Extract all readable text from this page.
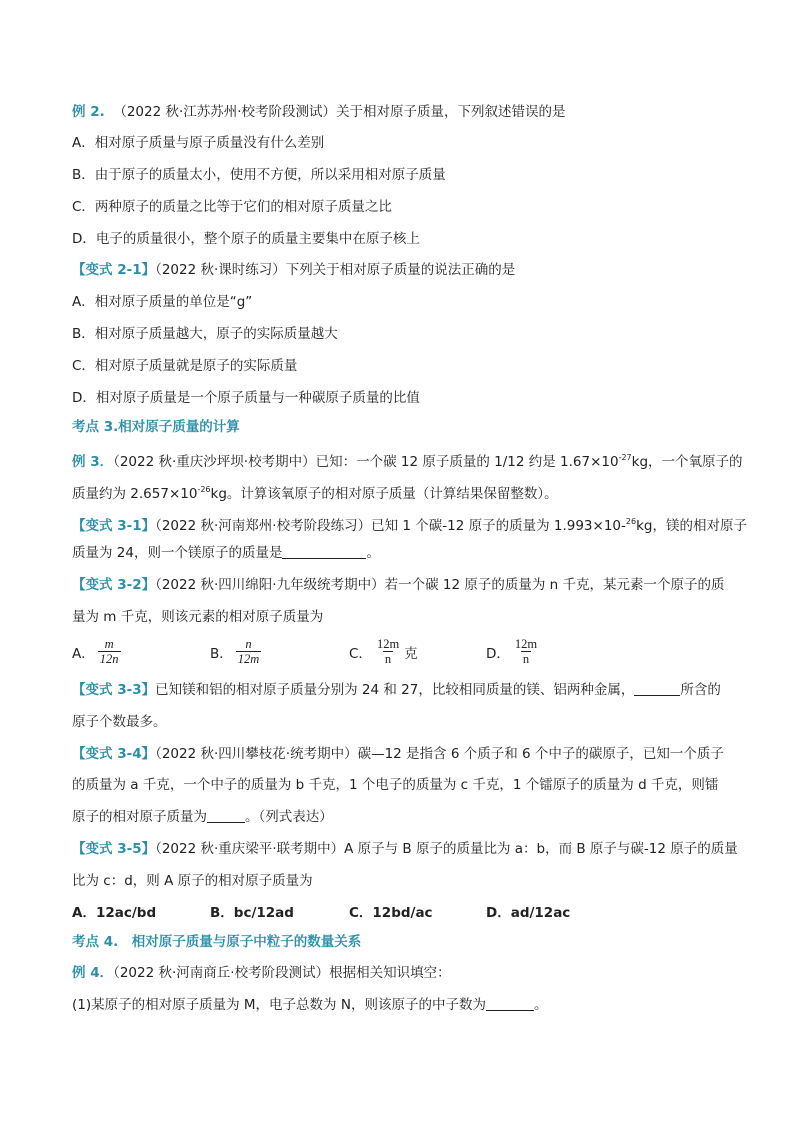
例 2. （2022 秋·江苏苏州·校考阶段测试）关于相对原子质量，下列叙述错误的是
A．相对原子质量与原子质量没有什么差别
B．由于原子的质量太小，使用不方便，所以采用相对原子质量
C．两种原子的质量之比等于它们的相对原子质量之比
D．电子的质量很小，整个原子的质量主要集中在原子核上
【变式 2-1】（2022 秋·课时练习）下列关于相对原子质量的说法正确的是
A．相对原子质量的单位是“g”
B．相对原子质量越大，原子的实际质量越大
C．相对原子质量就是原子的实际质量
D．相对原子质量是一个原子质量与一种碳原子质量的比值
考点 3.相对原子质量的计算
例 3．（2022 秋·重庆沙坪坝·校考期中）已知：一个碳 12 原子质量的 1/12 约是 $1.67\times 10^{-27}kg$，一个氧原子的
质量约为 $2.657\times 10^{-26}kg$。计算该氧原子的相对原子质量（计算结果保留整数）。
【变式 3-1】（2022 秋·河南郑州·校考阶段练习）已知 1 个碳-12 原子的质量为 1.993×10-$^{26}$kg，镁的相对原子
质量为 24，则一个镁原子的质量是	。
【变式 3-2】（2022 秋·四川绵阳·九年级统考期中）若一个碳 12 原子的质量为 n 千克，某元素一个原子的质
量为 m 千克，则该元素的相对原子质量为
A． $\frac{m}{12n}$	B． $\frac{n}{12m}$	C． $\frac{12m}{n}$ 克	D． $\frac{12m}{n}$
【变式 3-3】已知镁和铝的相对原子质量分别为 24 和 27，比较相同质量的镁、铝两种金属，	所含的
原子个数最多。
【变式 3-4】（2022 秋·四川攀枝花·统考期中）碳—12 是指含 6 个质子和 6 个中子的碳原子，已知一个质子
的质量为 a 千克，一个中子的质量为 b 千克，1 个电子的质量为 c 千克，1 个镭原子的质量为 d 千克，则镭
原子的相对原子质量为	。（列式表达）
【变式 3-5】（2022 秋·重庆梁平·联考期中）A 原子与 B 原子的质量比为 a：b，而 B 原子与碳-12 原子的质量
比为 c：d，则 A 原子的相对原子质量为
A．12ac/bd	B．bc/12ad	C．12bd/ac	D．ad/12ac
考点 4.　相对原子质量与原子中粒子的数量关系
例 4．（2022 秋·河南商丘·校考阶段测试）根据相关知识填空：
(1)某原子的相对原子质量为 M，电子总数为 N，则该原子的中子数为	。
